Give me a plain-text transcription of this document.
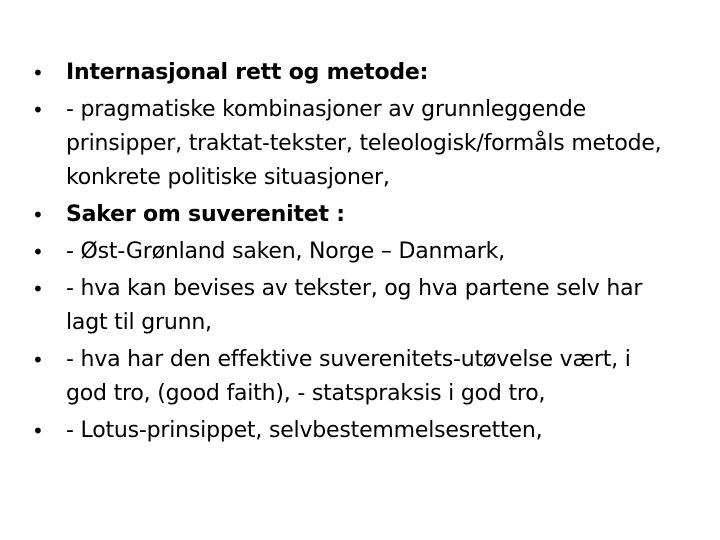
•	Internasjonal rett og metode:
•	- pragmatiske kombinasjoner av grunnleggende prinsipper, traktat-tekster, teleologisk/formåls metode, konkrete politiske situasjoner,
•	Saker om suverenitet :
•	- Øst-Grønland saken, Norge – Danmark,
•	- hva kan bevises av tekster, og hva partene selv har lagt til grunn,
•	- hva har den effektive suverenitets-utøvelse vært, i god tro, (good faith), - statspraksis i god tro,
•	- Lotus-prinsippet, selvbestemmelsesretten,
